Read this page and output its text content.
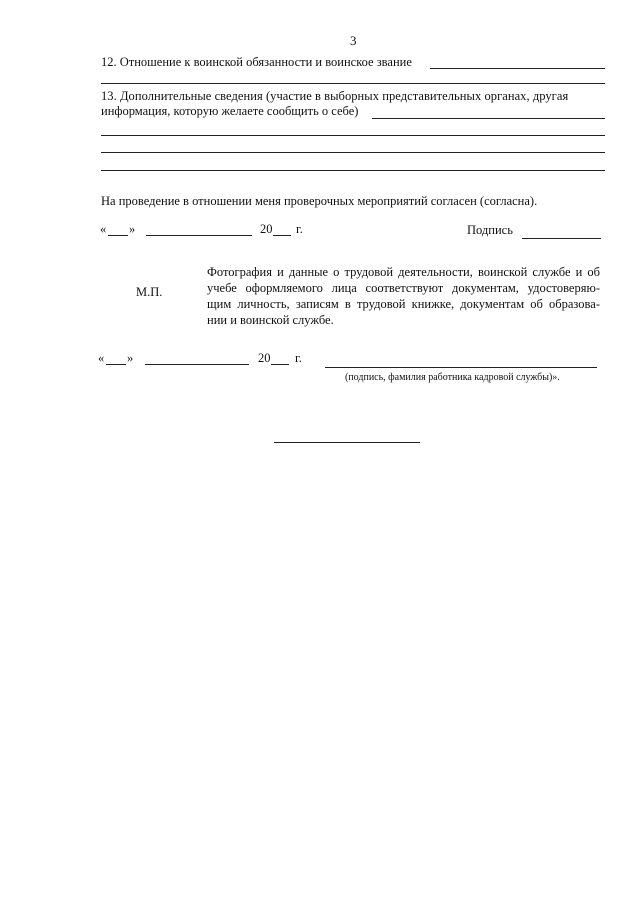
3
12. Отношение к воинской обязанности и воинское звание
13. Дополнительные сведения (участие в выборных представительных органах, другая
информация, которую желаете сообщить о себе)
На проведение в отношении меня проверочных мероприятий согласен (согласна).
« »	20 г.	Подпись
М.П.
Фотография и данные о трудовой деятельности, воинской службе и об
учебе оформляемого лица соответствуют документам, удостоверяю-
щим личность, записям в трудовой книжке, документам об образова-
нии и воинской службе.
« »	20 г.
(подпись, фамилия работника кадровой службы)».
